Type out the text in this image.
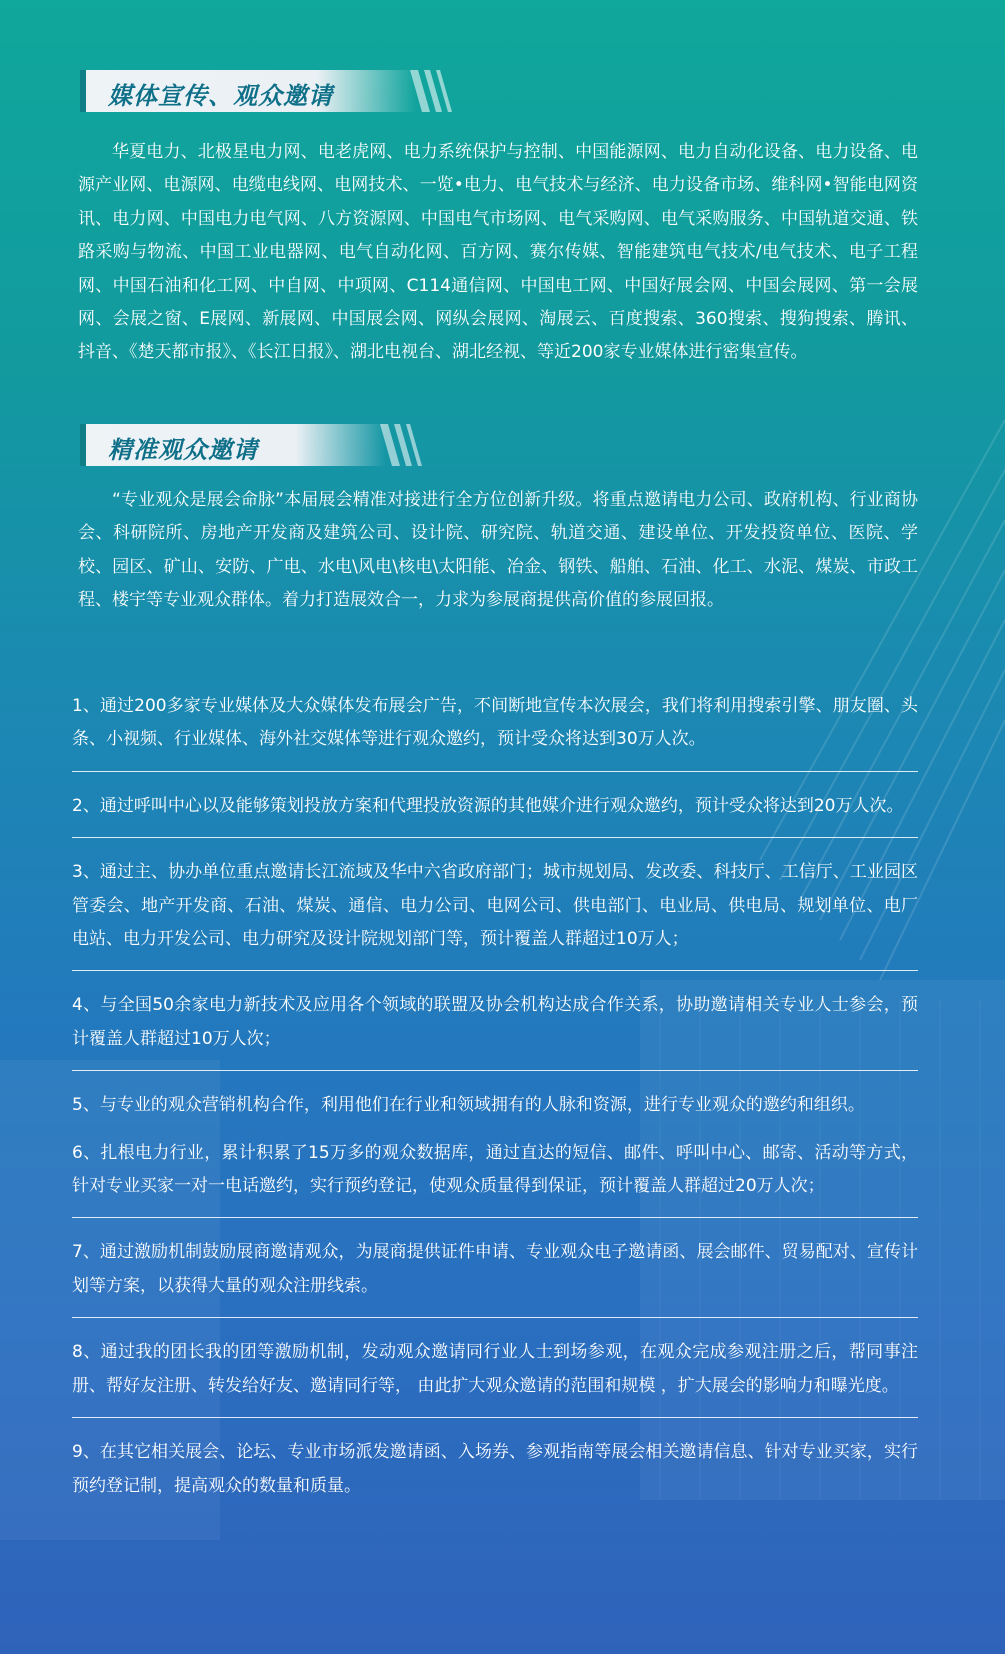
媒体宣传、观众邀请

华夏电力、北极星电力网、电老虎网、电力系统保护与控制、中国能源网、电力自动化设备、电力设备、电源产业网、电源网、电缆电线网、电网技术、一览•电力、电气技术与经济、电力设备市场、维科网•智能电网资讯、电力网、中国电力电气网、八方资源网、中国电气市场网、电气采购网、电气采购服务、中国轨道交通、铁路采购与物流、中国工业电器网、电气自动化网、百方网、赛尔传媒、智能建筑电气技术/电气技术、电子工程网、中国石油和化工网、中自网、中项网、C114通信网、中国电工网、中国好展会网、中国会展网、第一会展网、会展之窗、E展网、新展网、中国展会网、网纵会展网、淘展云、百度搜索、360搜索、搜狗搜索、腾讯、抖音、《楚天都市报》、《长江日报》、湖北电视台、湖北经视、等近200家专业媒体进行密集宣传。

精准观众邀请

“专业观众是展会命脉”本届展会精准对接进行全方位创新升级。将重点邀请电力公司、政府机构、行业商协会、科研院所、房地产开发商及建筑公司、设计院、研究院、轨道交通、建设单位、开发投资单位、医院、学校、园区、矿山、安防、广电、水电\风电\核电\太阳能、冶金、钢铁、船舶、石油、化工、水泥、煤炭、市政工程、楼宇等专业观众群体。着力打造展效合一，力求为参展商提供高价值的参展回报。

1、通过200多家专业媒体及大众媒体发布展会广告，不间断地宣传本次展会，我们将利用搜索引擎、朋友圈、头条、小视频、行业媒体、海外社交媒体等进行观众邀约，预计受众将达到30万人次。

2、通过呼叫中心以及能够策划投放方案和代理投放资源的其他媒介进行观众邀约，预计受众将达到20万人次。

3、通过主、协办单位重点邀请长江流域及华中六省政府部门；城市规划局、发改委、科技厅、工信厅、工业园区管委会、地产开发商、石油、煤炭、通信、电力公司、电网公司、供电部门、电业局、供电局、规划单位、电厂电站、电力开发公司、电力研究及设计院规划部门等，预计覆盖人群超过10万人；

4、与全国50余家电力新技术及应用各个领域的联盟及协会机构达成合作关系，协助邀请相关专业人士参会，预计覆盖人群超过10万人次；

5、与专业的观众营销机构合作，利用他们在行业和领域拥有的人脉和资源，进行专业观众的邀约和组织。

6、扎根电力行业，累计积累了15万多的观众数据库，通过直达的短信、邮件、呼叫中心、邮寄、活动等方式，针对专业买家一对一电话邀约，实行预约登记，使观众质量得到保证，预计覆盖人群超过20万人次；

7、通过激励机制鼓励展商邀请观众，为展商提供证件申请、专业观众电子邀请函、展会邮件、贸易配对、宣传计划等方案，以获得大量的观众注册线索。

8、通过我的团长我的团等激励机制，发动观众邀请同行业人士到场参观，在观众完成参观注册之后，帮同事注册、帮好友注册、转发给好友、邀请同行等， 由此扩大观众邀请的范围和规模 ，扩大展会的影响力和曝光度。

9、在其它相关展会、论坛、专业市场派发邀请函、入场券、参观指南等展会相关邀请信息、针对专业买家，实行预约登记制，提高观众的数量和质量。
